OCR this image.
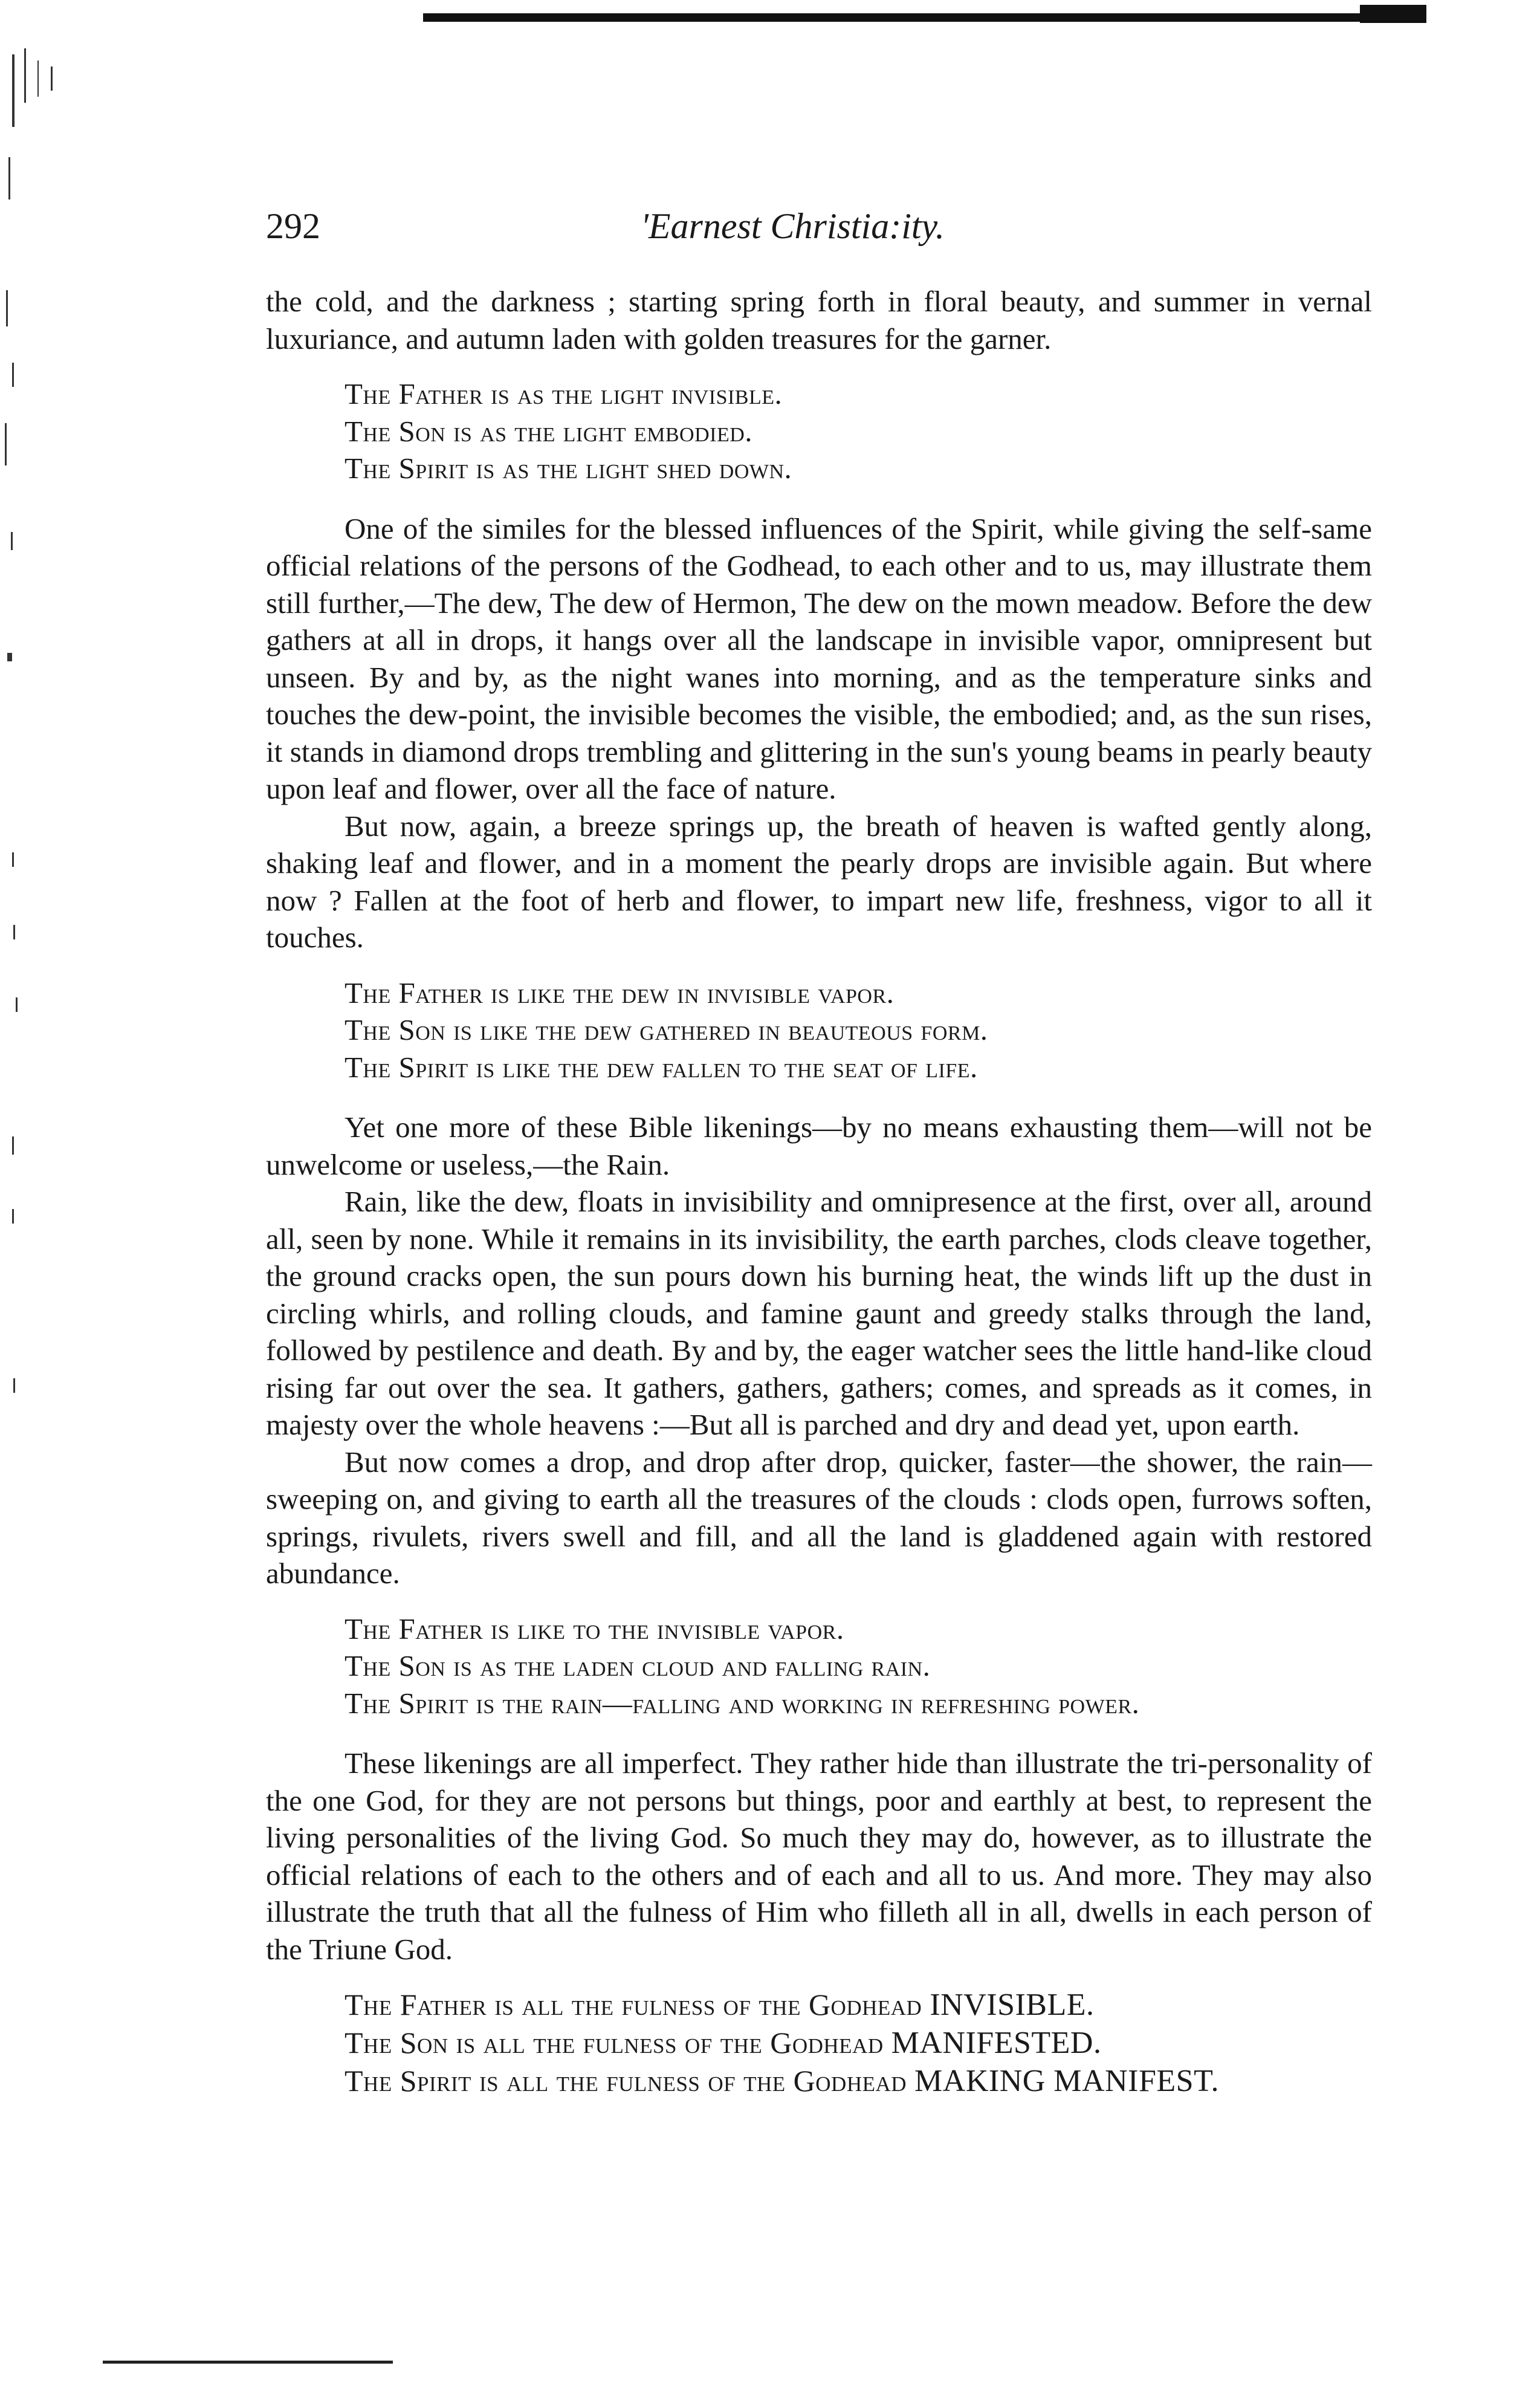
292	'Earnest Christia:ity.

the cold, and the darkness ; starting spring forth in floral beauty, and summer in vernal luxuriance, and autumn laden with golden treasures for the garner.

The Father is as the light invisible.
The Son is as the light embodied.
The Spirit is as the light shed down.

One of the similes for the blessed influences of the Spirit, while giving the self-same official relations of the persons of the Godhead, to each other and to us, may illustrate them still further,—The dew, The dew of Hermon, The dew on the mown meadow. Before the dew gathers at all in drops, it hangs over all the landscape in invisible vapor, omnipresent but unseen. By and by, as the night wanes into morning, and as the temperature sinks and touches the dew-point, the invisible becomes the visible, the embodied; and, as the sun rises, it stands in diamond drops trembling and glittering in the sun's young beams in pearly beauty upon leaf and flower, over all the face of nature.

But now, again, a breeze springs up, the breath of heaven is wafted gently along, shaking leaf and flower, and in a moment the pearly drops are invisible again. But where now ? Fallen at the foot of herb and flower, to impart new life, freshness, vigor to all it touches.

The Father is like the dew in invisible vapor.
The Son is like the dew gathered in beauteous form.
The Spirit is like the dew fallen to the seat of life.

Yet one more of these Bible likenings—by no means exhausting them—will not be unwelcome or useless,—the Rain.

Rain, like the dew, floats in invisibility and omnipresence at the first, over all, around all, seen by none. While it remains in its invisibility, the earth parches, clods cleave together, the ground cracks open, the sun pours down his burning heat, the winds lift up the dust in circling whirls, and rolling clouds, and famine gaunt and greedy stalks through the land, followed by pestilence and death. By and by, the eager watcher sees the little hand-like cloud rising far out over the sea. It gathers, gathers, gathers; comes, and spreads as it comes, in majesty over the whole heavens :—But all is parched and dry and dead yet, upon earth.

But now comes a drop, and drop after drop, quicker, faster—the shower, the rain—sweeping on, and giving to earth all the treasures of the clouds : clods open, furrows soften, springs, rivulets, rivers swell and fill, and all the land is gladdened again with restored abundance.

The Father is like to the invisible vapor.
The Son is as the laden cloud and falling rain.
The Spirit is the rain—falling and working in refreshing power.

These likenings are all imperfect. They rather hide than illustrate the tri-personality of the one God, for they are not persons but things, poor and earthly at best, to represent the living personalities of the living God. So much they may do, however, as to illustrate the official relations of each to the others and of each and all to us. And more. They may also illustrate the truth that all the fulness of Him who filleth all in all, dwells in each person of the Triune God.

The Father is all the fulness of the Godhead INVISIBLE.
The Son is all the fulness of the Godhead MANIFESTED.
The Spirit is all the fulness of the Godhead MAKING MANIFEST.
